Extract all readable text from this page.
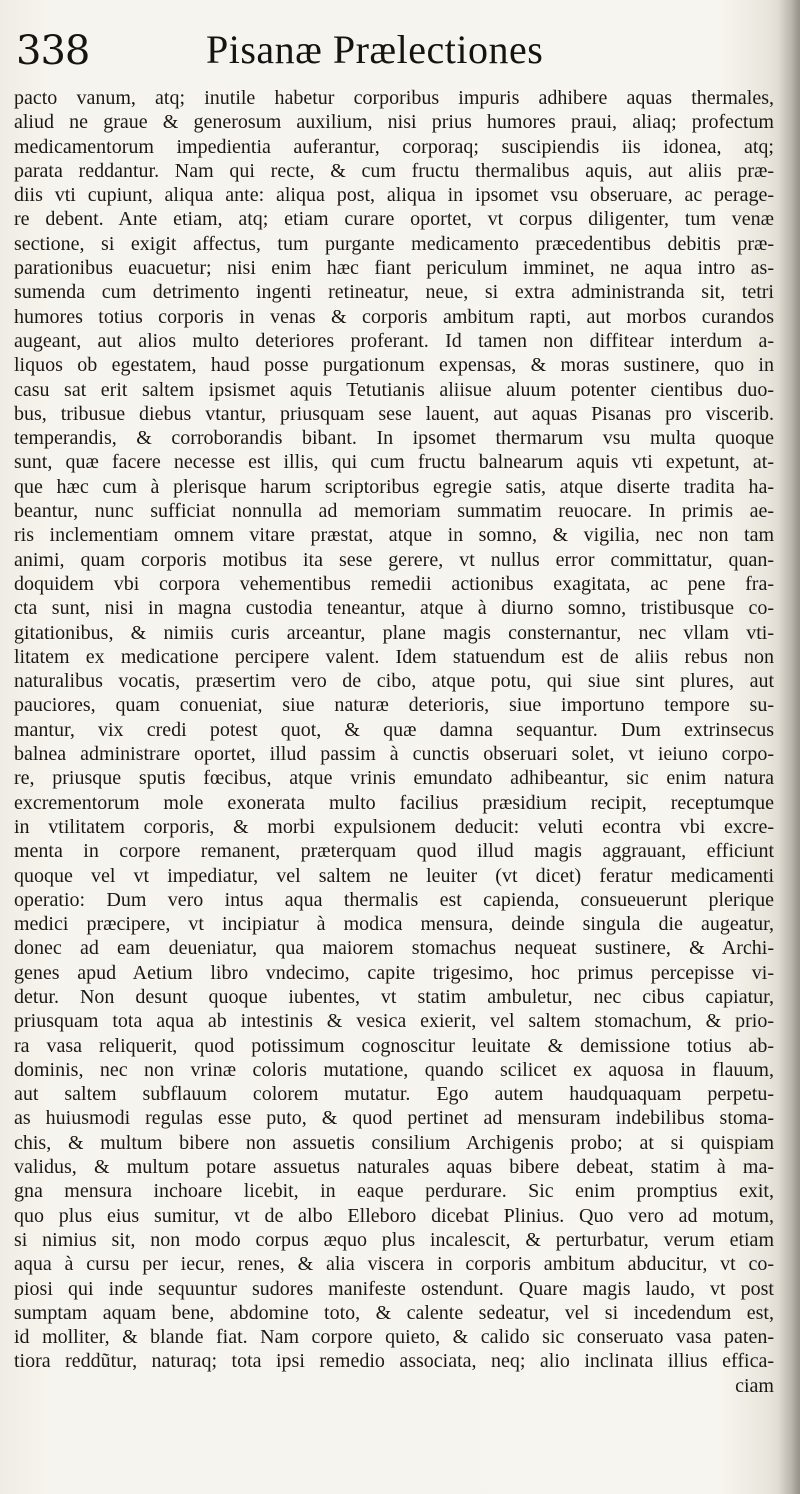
338	Pisanæ Prælectiones
pacto vanum, atq; inutile habetur corporibus impuris adhibere aquas thermales,
aliud ne graue & generosum auxilium, nisi prius humores praui, aliaq; profectum
medicamentorum impedientia auferantur, corporaq; suscipiendis iis idonea, atq;
parata reddantur. Nam qui recte, & cum fructu thermalibus aquis, aut aliis præ-
diis vti cupiunt, aliqua ante: aliqua post, aliqua in ipsomet vsu obseruare, ac perage-
re debent. Ante etiam, atq; etiam curare oportet, vt corpus diligenter, tum venæ
sectione, si exigit affectus, tum purgante medicamento præcedentibus debitis præ-
parationibus euacuetur; nisi enim hæc fiant periculum imminet, ne aqua intro as-
sumenda cum detrimento ingenti retineatur, neue, si extra administranda sit, tetri
humores totius corporis in venas & corporis ambitum rapti, aut morbos curandos
augeant, aut alios multo deteriores proferant. Id tamen non diffitear interdum a-
liquos ob egestatem, haud posse purgationum expensas, & moras sustinere, quo in
casu sat erit saltem ipsismet aquis Tetutianis aliisue aluum potenter cientibus duo-
bus, tribusue diebus vtantur, priusquam sese lauent, aut aquas Pisanas pro viscerib.
temperandis, & corroborandis bibant. In ipsomet thermarum vsu multa quoque
sunt, quæ facere necesse est illis, qui cum fructu balnearum aquis vti expetunt, at-
que hæc cum à plerisque harum scriptoribus egregie satis, atque diserte tradita ha-
beantur, nunc sufficiat nonnulla ad memoriam summatim reuocare. In primis ae-
ris inclementiam omnem vitare præstat, atque in somno, & vigilia, nec non tam
animi, quam corporis motibus ita sese gerere, vt nullus error committatur, quan-
doquidem vbi corpora vehementibus remedii actionibus exagitata, ac pene fra-
cta sunt, nisi in magna custodia teneantur, atque à diurno somno, tristibusque co-
gitationibus, & nimiis curis arceantur, plane magis consternantur, nec vllam vti-
litatem ex medicatione percipere valent. Idem statuendum est de aliis rebus non
naturalibus vocatis, præsertim vero de cibo, atque potu, qui siue sint plures, aut
pauciores, quam conueniat, siue naturæ deterioris, siue importuno tempore su-
mantur, vix credi potest quot, & quæ damna sequantur. Dum extrinsecus
balnea administrare oportet, illud passim à cunctis obseruari solet, vt ieiuno corpo-
re, priusque sputis fœcibus, atque vrinis emundato adhibeantur, sic enim natura
excrementorum mole exonerata multo facilius præsidium recipit, receptumque
in vtilitatem corporis, & morbi expulsionem deducit: veluti econtra vbi excre-
menta in corpore remanent, præterquam quod illud magis aggrauant, efficiunt
quoque vel vt impediatur, vel saltem ne leuiter (vt dicet) feratur medicamenti
operatio: Dum vero intus aqua thermalis est capienda, consueuerunt plerique
medici præcipere, vt incipiatur à modica mensura, deinde singula die augeatur,
donec ad eam deueniatur, qua maiorem stomachus nequeat sustinere, & Archi-
genes apud Aetium libro vndecimo, capite trigesimo, hoc primus percepisse vi-
detur. Non desunt quoque iubentes, vt statim ambuletur, nec cibus capiatur,
priusquam tota aqua ab intestinis & vesica exierit, vel saltem stomachum, & prio-
ra vasa reliquerit, quod potissimum cognoscitur leuitate & demissione totius ab-
dominis, nec non vrinæ coloris mutatione, quando scilicet ex aquosa in flauum,
aut saltem subflauum colorem mutatur. Ego autem haudquaquam perpetu-
as huiusmodi regulas esse puto, & quod pertinet ad mensuram indebilibus stoma-
chis, & multum bibere non assuetis consilium Archigenis probo; at si quispiam
validus, & multum potare assuetus naturales aquas bibere debeat, statim à ma-
gna mensura inchoare licebit, in eaque perdurare. Sic enim promptius exit,
quo plus eius sumitur, vt de albo Elleboro dicebat Plinius. Quo vero ad motum,
si nimius sit, non modo corpus æquo plus incalescit, & perturbatur, verum etiam
aqua à cursu per iecur, renes, & alia viscera in corporis ambitum abducitur, vt co-
piosi qui inde sequuntur sudores manifeste ostendunt. Quare magis laudo, vt post
sumptam aquam bene, abdomine toto, & calente sedeatur, vel si incedendum est,
id molliter, & blande fiat. Nam corpore quieto, & calido sic conseruato vasa paten-
tiora reddũtur, naturaq; tota ipsi remedio associata, neq; alio inclinata illius effica-
ciam
